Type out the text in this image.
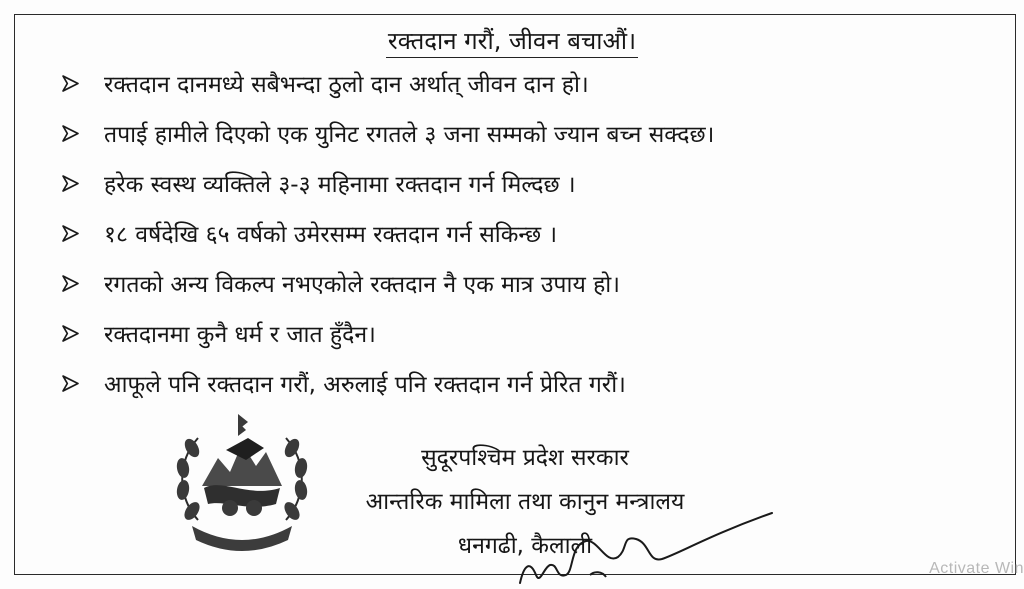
रक्तदान गरौं, जीवन बचाऔं।
रक्तदान दानमध्ये सबैभन्दा ठुलो दान अर्थात् जीवन दान हो।
तपाई हामीले दिएको एक युनिट रगतले ३ जना सम्मको ज्यान बच्न सक्दछ।
हरेक स्वस्थ व्यक्तिले ३-३ महिनामा रक्तदान गर्न मिल्दछ ।
१८ वर्षदेखि ६५ वर्षको उमेरसम्म रक्तदान गर्न सकिन्छ ।
रगतको अन्य विकल्प नभएकोले रक्तदान नै एक मात्र उपाय हो।
रक्तदानमा कुनै धर्म र जात हुँदैन।
आफूले पनि रक्तदान गरौं, अरुलाई पनि रक्तदान गर्न प्रेरित गरौं।
सुदूरपश्चिम प्रदेश सरकार
आन्तरिक मामिला तथा कानुन मन्त्रालय
धनगढी, कैलाली
Activate Win
